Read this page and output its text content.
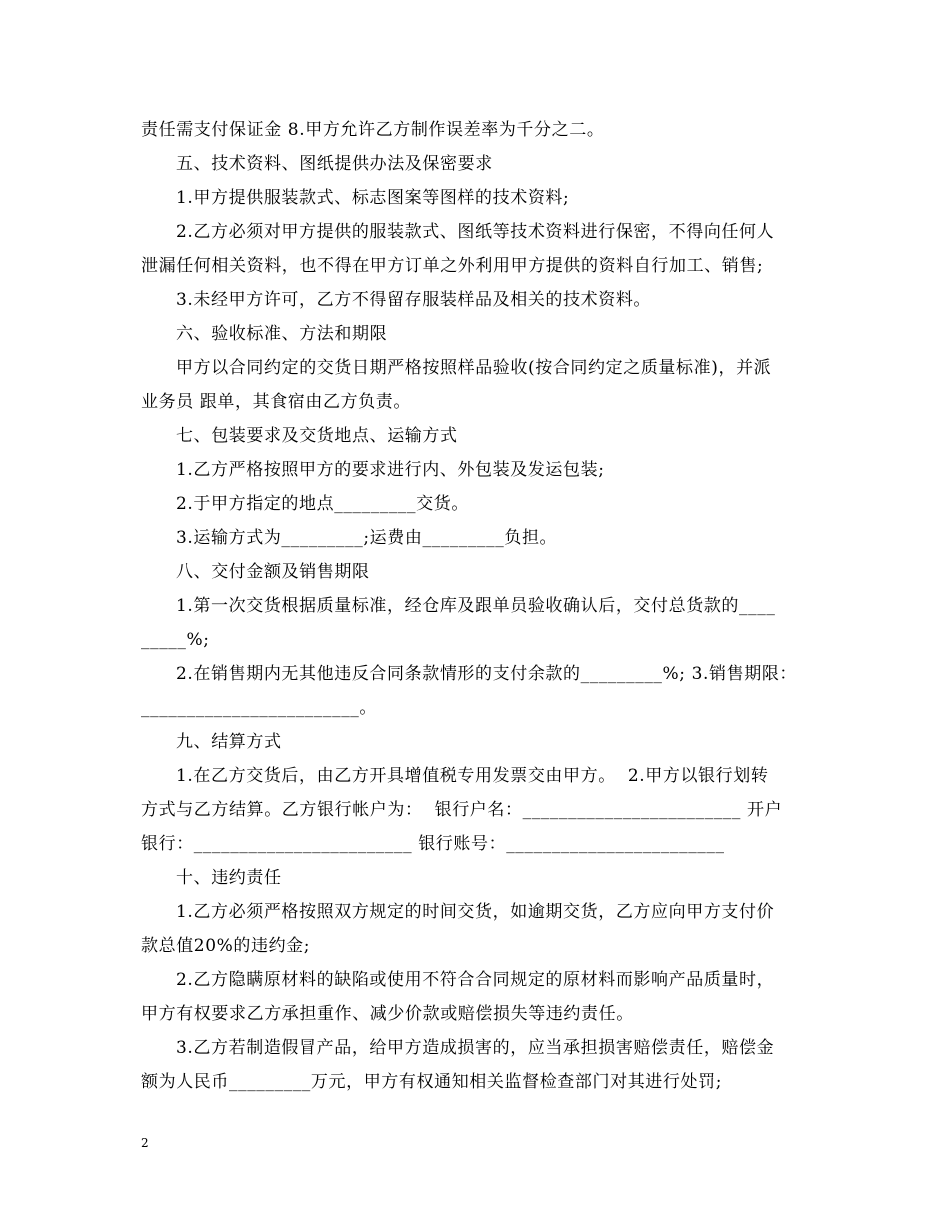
责任需支付保证金 8.甲方允许乙方制作误差率为千分之二。
五、技术资料、图纸提供办法及保密要求
1.甲方提供服装款式、标志图案等图样的技术资料;
2.乙方必须对甲方提供的服装款式、图纸等技术资料进行保密，不得向任何人
泄漏任何相关资料，也不得在甲方订单之外利用甲方提供的资料自行加工、销售;
3.未经甲方许可，乙方不得留存服装样品及相关的技术资料。
六、验收标准、方法和期限
甲方以合同约定的交货日期严格按照样品验收(按合同约定之质量标准)，并派
业务员 跟单，其食宿由乙方负责。
七、包装要求及交货地点、运输方式
1.乙方严格按照甲方的要求进行内、外包装及发运包装;
2.于甲方指定的地点_________交货。
3.运输方式为_________;运费由_________负担。
八、交付金额及销售期限
1.第一次交货根据质量标准，经仓库及跟单员验收确认后，交付总货款的____
_____%;
2.在销售期内无其他违反合同条款情形的支付余款的_________%; 3.销售期限：
________________________。
九、结算方式
1.在乙方交货后，由乙方开具增值税专用发票交由甲方。  2.甲方以银行划转
方式与乙方结算。乙方银行帐户为：  银行户名：________________________ 开户
银行：________________________ 银行账号：________________________
十、违约责任
1.乙方必须严格按照双方规定的时间交货，如逾期交货，乙方应向甲方支付价
款总值20%的违约金;
2.乙方隐瞒原材料的缺陷或使用不符合合同规定的原材料而影响产品质量时，
甲方有权要求乙方承担重作、减少价款或赔偿损失等违约责任。
3.乙方若制造假冒产品，给甲方造成损害的，应当承担损害赔偿责任，赔偿金
额为人民币_________万元，甲方有权通知相关监督检查部门对其进行处罚;
2
